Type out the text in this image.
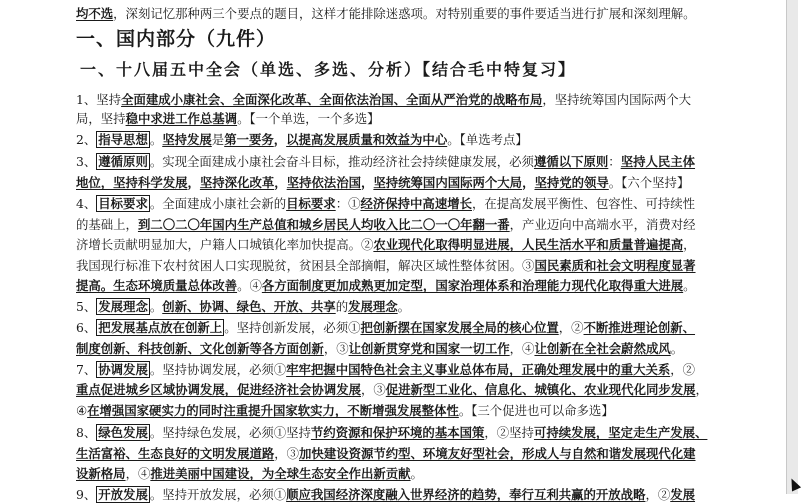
均不选，深刻记忆那种两三个要点的题目，这样才能排除迷惑项。对特别重要的事件要适当进行扩展和深刻理解。
一、国内部分（九件）
一、十八届五中全会（单选、多选、分析）【结合毛中特复习】
1、坚持全面建成小康社会、全面深化改革、全面依法治国、全面从严治党的战略布局，坚持统筹国内国际两个大
局，坚持稳中求进工作总基调。【一个单选，一个多选】
2、 指导思想 。坚持发展是第一要务，以提高发展质量和效益为中心。【单选考点】
3、 遵循原则 。实现全面建成小康社会奋斗目标，推动经济社会持续健康发展，必须遵循以下原则：坚持人民主体
地位，坚持科学发展，坚持深化改革，坚持依法治国，坚持统筹国内国际两个大局，坚持党的领导。【六个坚持】
4、 目标要求 。全面建成小康社会新的目标要求：①经济保持中高速增长，在提高发展平衡性、包容性、可持续性
的基础上，到二〇二〇年国内生产总值和城乡居民人均收入比二〇一〇年翻一番，产业迈向中高端水平，消费对经
济增长贡献明显加大，户籍人口城镇化率加快提高。②农业现代化取得明显进展，人民生活水平和质量普遍提高，
我国现行标准下农村贫困人口实现脱贫，贫困县全部摘帽，解决区域性整体贫困。③国民素质和社会文明程度显著
提高。生态环境质量总体改善。④各方面制度更加成熟更加定型，国家治理体系和治理能力现代化取得重大进展。
5、 发展理念 。创新、协调、绿色、开放、共享的发展理念。
6、 把发展基点放在创新上 。坚持创新发展，必须①把创新摆在国家发展全局的核心位置，②不断推进理论创新、
制度创新、科技创新、文化创新等各方面创新，③让创新贯穿党和国家一切工作，④让创新在全社会蔚然成风。
7、 协调发展 。坚持协调发展，必须①牢牢把握中国特色社会主义事业总体布局，正确处理发展中的重大关系，②
重点促进城乡区域协调发展，促进经济社会协调发展，③促进新型工业化、信息化、城镇化、农业现代化同步发展，
④在增强国家硬实力的同时注重提升国家软实力，不断增强发展整体性。【三个促进也可以命多选】
8、 绿色发展 。坚持绿色发展，必须①坚持节约资源和保护环境的基本国策，②坚持可持续发展，坚定走生产发展、
生活富裕、生态良好的文明发展道路，③加快建设资源节约型、环境友好型社会，形成人与自然和谐发展现代化建
设新格局，④推进美丽中国建设，为全球生态安全作出新贡献。
9、 开放发展 。坚持开放发展，必须①顺应我国经济深度融入世界经济的趋势，奉行互利共赢的开放战略，②发展
